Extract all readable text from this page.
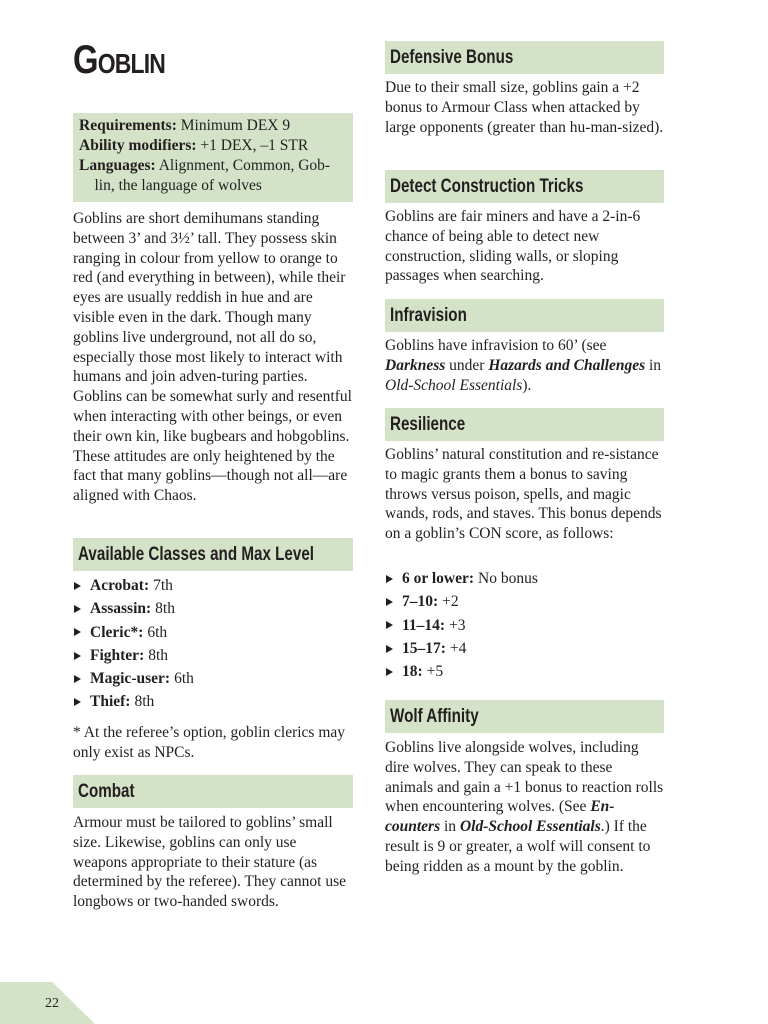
Goblin
Requirements: Minimum DEX 9
Ability modifiers: +1 DEX, –1 STR
Languages: Alignment, Common, Gob-lin, the language of wolves

Goblins are short demihumans standing between 3’ and 3½’ tall. They possess skin ranging in colour from yellow to orange to red (and everything in between), while their eyes are usually reddish in hue and are visible even in the dark. Though many goblins live underground, not all do so, especially those most likely to interact with humans and join adven-turing parties. Goblins can be somewhat surly and resentful when interacting with other beings, or even their own kin, like bugbears and hobgoblins. These attitudes are only heightened by the fact that many goblins—though not all—are aligned with Chaos.

Available Classes and Max Level
Acrobat: 7th
Assassin: 8th
Cleric*: 6th
Fighter: 8th
Magic-user: 6th
Thief: 8th

* At the referee’s option, goblin clerics may only exist as NPCs.

Combat

Armour must be tailored to goblins’ small size. Likewise, goblins can only use weapons appropriate to their stature (as determined by the referee). They cannot use longbows or two-handed swords.

Defensive Bonus

Due to their small size, goblins gain a +2 bonus to Armour Class when attacked by large opponents (greater than hu-man-sized).

Detect Construction Tricks

Goblins are fair miners and have a 2-in-6 chance of being able to detect new construction, sliding walls, or sloping passages when searching.

Infravision

Goblins have infravision to 60’ (see Darkness under Hazards and Challenges in Old-School Essentials).

Resilience

Goblins’ natural constitution and re-sistance to magic grants them a bonus to saving throws versus poison, spells, and magic wands, rods, and staves. This bonus depends on a goblin’s CON score, as follows:

6 or lower: No bonus
7–10: +2
11–14: +3
15–17: +4
18: +5
Wolf Affinity

Goblins live alongside wolves, including dire wolves. They can speak to these animals and gain a +1 bonus to reaction rolls when encountering wolves. (See En-counters in Old-School Essentials.) If the result is 9 or greater, a wolf will consent to being ridden as a mount by the goblin.

22
